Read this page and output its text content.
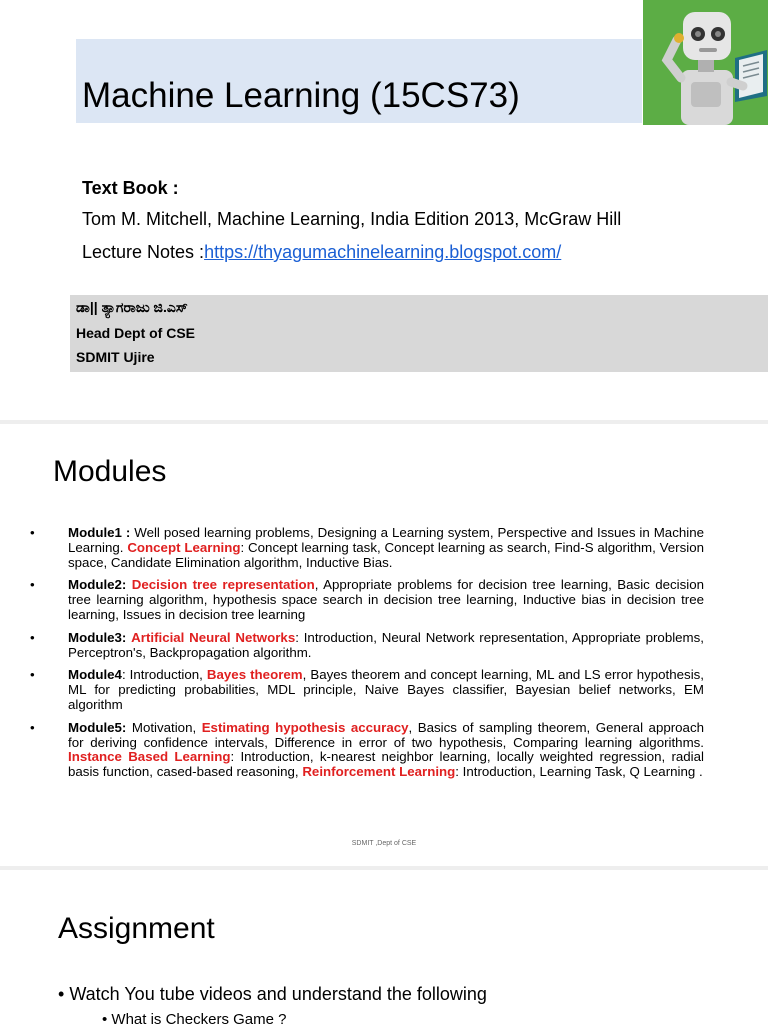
Machine Learning (15CS73)
Text Book :
Tom M. Mitchell, Machine Learning, India Edition 2013, McGraw Hill
Lecture Notes :https://thyagumachinelearning.blogspot.com/
ಡಾ|| ತ್ಯಾಗರಾಜು ಜಿ.ಎಸ್
Head Dept of CSE
SDMIT Ujire
Modules
•	Module1 : Well posed learning problems, Designing a Learning system, Perspective and Issues in Machine Learning. Concept Learning: Concept learning task, Concept learning as search, Find-S algorithm, Version space, Candidate Elimination algorithm, Inductive Bias.
•	Module2: Decision tree representation, Appropriate problems for decision tree learning, Basic decision tree learning algorithm, hypothesis space search in decision tree learning, Inductive bias in decision tree learning, Issues in decision tree learning
•	Module3: Artificial Neural Networks: Introduction, Neural Network representation, Appropriate problems, Perceptron's, Backpropagation algorithm.
•	Module4: Introduction, Bayes theorem, Bayes theorem and concept learning, ML and LS error hypothesis, ML for predicting probabilities, MDL principle, Naive Bayes classifier, Bayesian belief networks, EM algorithm
•	Module5: Motivation, Estimating hypothesis accuracy, Basics of sampling theorem, General approach for deriving confidence intervals, Difference in error of two hypothesis, Comparing learning algorithms. Instance Based Learning: Introduction, k-nearest neighbor learning, locally weighted regression, radial basis function, cased-based reasoning, Reinforcement Learning: Introduction, Learning Task, Q Learning .
SDMIT ,Dept of CSE
Assignment
• Watch You tube videos and understand the following
• What is Checkers Game ?
